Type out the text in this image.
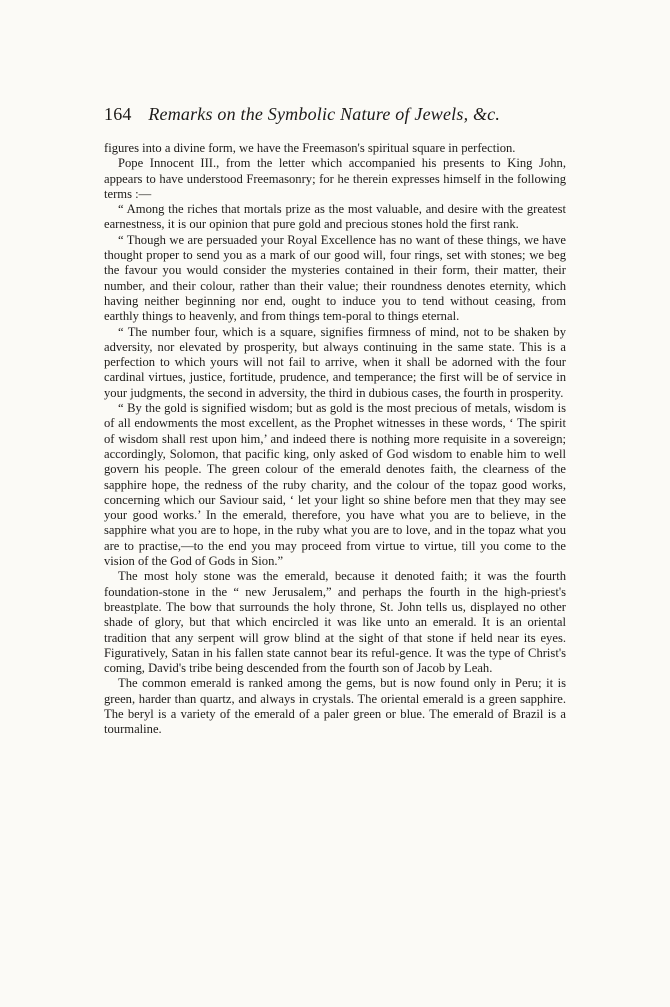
164 Remarks on the Symbolic Nature of Jewels, &c.

figures into a divine form, we have the Freemason's spiritual square in perfection.

Pope Innocent III., from the letter which accompanied his presents to King John, appears to have understood Freemasonry; for he therein expresses himself in the following terms :—

“ Among the riches that mortals prize as the most valuable, and desire with the greatest earnestness, it is our opinion that pure gold and precious stones hold the first rank.

“ Though we are persuaded your Royal Excellence has no want of these things, we have thought proper to send you as a mark of our good will, four rings, set with stones; we beg the favour you would consider the mysteries contained in their form, their matter, their number, and their colour, rather than their value; their roundness denotes eternity, which having neither beginning nor end, ought to induce you to tend without ceasing, from earthly things to heavenly, and from things tem-poral to things eternal.

“ The number four, which is a square, signifies firmness of mind, not to be shaken by adversity, nor elevated by prosperity, but always continuing in the same state. This is a perfection to which yours will not fail to arrive, when it shall be adorned with the four cardinal virtues, justice, fortitude, prudence, and temperance; the first will be of service in your judgments, the second in adversity, the third in dubious cases, the fourth in prosperity.

“ By the gold is signified wisdom; but as gold is the most precious of metals, wisdom is of all endowments the most excellent, as the Prophet witnesses in these words, ‘ The spirit of wisdom shall rest upon him,’ and indeed there is nothing more requisite in a sovereign; accordingly, Solomon, that pacific king, only asked of God wisdom to enable him to well govern his people. The green colour of the emerald denotes faith, the clearness of the sapphire hope, the redness of the ruby charity, and the colour of the topaz good works, concerning which our Saviour said, ‘ let your light so shine before men that they may see your good works.’ In the emerald, therefore, you have what you are to believe, in the sapphire what you are to hope, in the ruby what you are to love, and in the topaz what you are to practise,—to the end you may proceed from virtue to virtue, till you come to the vision of the God of Gods in Sion.”

The most holy stone was the emerald, because it denoted faith; it was the fourth foundation-stone in the “ new Jerusalem,” and perhaps the fourth in the high-priest's breastplate. The bow that surrounds the holy throne, St. John tells us, displayed no other shade of glory, but that which encircled it was like unto an emerald. It is an oriental tradition that any serpent will grow blind at the sight of that stone if held near its eyes. Figuratively, Satan in his fallen state cannot bear its reful-gence. It was the type of Christ's coming, David's tribe being descended from the fourth son of Jacob by Leah.

The common emerald is ranked among the gems, but is now found only in Peru; it is green, harder than quartz, and always in crystals. The oriental emerald is a green sapphire. The beryl is a variety of the emerald of a paler green or blue. The emerald of Brazil is a tourmaline.
